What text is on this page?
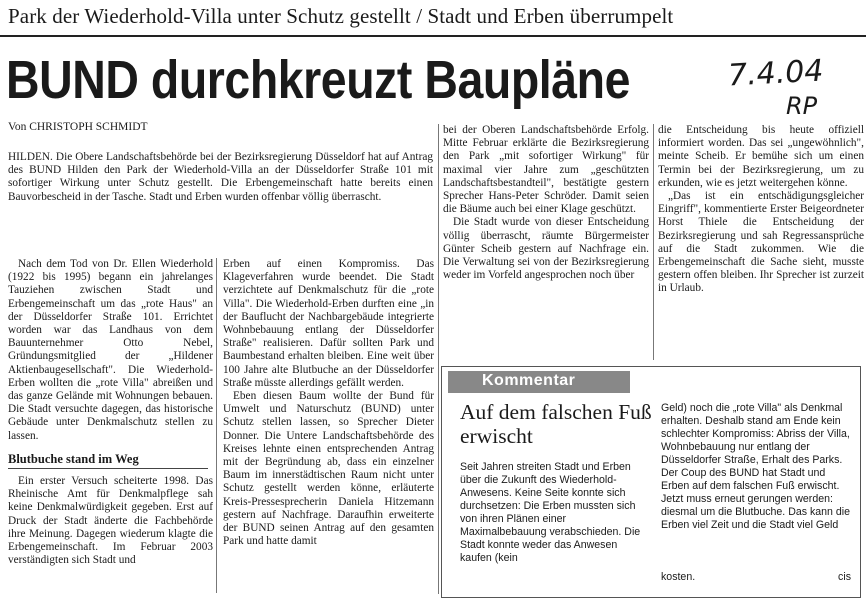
Park der Wiederhold-Villa unter Schutz gestellt / Stadt und Erben überrumpelt
BUND durchkreuzt Baupläne	7.4.04
RP
Von CHRISTOPH SCHMIDT

HILDEN. Die Obere Landschaftsbehörde bei der Bezirksregierung Düsseldorf hat auf Antrag des BUND Hilden den Park der Wiederhold-Villa an der Düsseldorfer Straße 101 mit sofortiger Wirkung unter Schutz gestellt. Die Erbengemeinschaft hatte bereits einen Bauvorbescheid in der Tasche. Stadt und Erben wurden offenbar völlig überrascht.

Nach dem Tod von Dr. Ellen Wiederhold (1922 bis 1995) begann ein jahrelanges Tauziehen zwischen Stadt und Erbengemeinschaft um das „rote Haus" an der Düsseldorfer Straße 101. Errichtet worden war das Landhaus von dem Bauunternehmer Otto Nebel, Gründungsmitglied der „Hildener Aktienbaugesellschaft". Die Wiederhold-Erben wollten die „rote Villa" abreißen und das ganze Gelände mit Wohnungen bebauen. Die Stadt versuchte dagegen, das historische Gebäude unter Denkmalschutz stellen zu lassen.

Blutbuche stand im Weg

Ein erster Versuch scheiterte 1998. Das Rheinische Amt für Denkmalpflege sah keine Denkmalwürdigkeit gegeben. Erst auf Druck der Stadt änderte die Fachbehörde ihre Meinung. Dagegen wiederum klagte die Erbengemeinschaft. Im Februar 2003 verständigten sich Stadt und

Erben auf einen Kompromiss. Das Klageverfahren wurde beendet. Die Stadt verzichtete auf Denkmalschutz für die „rote Villa". Die Wiederhold-Erben durften eine „in der Bauflucht der Nachbargebäude integrierte Wohnbebauung entlang der Düsseldorfer Straße" realisieren. Dafür sollten Park und Baumbestand erhalten bleiben. Eine weit über 100 Jahre alte Blutbuche an der Düsseldorfer Straße müsste allerdings gefällt werden.

Eben diesen Baum wollte der Bund für Umwelt und Naturschutz (BUND) unter Schutz stellen lassen, so Sprecher Dieter Donner. Die Untere Landschaftsbehörde des Kreises lehnte einen entsprechenden Antrag mit der Begründung ab, dass ein einzelner Baum im innerstädtischen Raum nicht unter Schutz gestellt werden könne, erläuterte Kreis-Pressesprecherin Daniela Hitzemann gestern auf Nachfrage. Daraufhin erweiterte der BUND seinen Antrag auf den gesamten Park und hatte damit

bei der Oberen Landschaftsbehörde Erfolg. Mitte Februar erklärte die Bezirksregierung den Park „mit sofortiger Wirkung" für maximal vier Jahre zum „geschützten Landschaftsbestandteil", bestätigte gestern Sprecher Hans-Peter Schröder. Damit seien die Bäume auch bei einer Klage geschützt.

Die Stadt wurde von dieser Entscheidung völlig überrascht, räumte Bürgermeister Günter Scheib gestern auf Nachfrage ein. Die Verwaltung sei von der Bezirksregierung weder im Vorfeld angesprochen noch über

die Entscheidung bis heute offiziell informiert worden. Das sei „ungewöhnlich", meinte Scheib. Er bemühe sich um einen Termin bei der Bezirksregierung, um zu erkunden, wie es jetzt weitergehen könne.

„Das ist ein entschädigungsgleicher Eingriff", kommentierte Erster Beigeordneter Horst Thiele die Entscheidung der Bezirksregierung und sah Regressansprüche auf die Stadt zukommen. Wie die Erbengemeinschaft die Sache sieht, musste gestern offen bleiben. Ihr Sprecher ist zurzeit in Urlaub.

Kommentar
Auf dem falschen Fuß erwischt
Seit Jahren streiten Stadt und Erben über die Zukunft des Wiederhold-Anwesens. Keine Seite konnte sich durchsetzen: Die Erben mussten sich von ihren Plänen einer Maximalbebauung verabschieden. Die Stadt konnte weder das Anwesen kaufen (kein
Geld) noch die „rote Villa" als Denkmal erhalten. Deshalb stand am Ende kein schlechter Kompromiss: Abriss der Villa, Wohnbebauung nur entlang der Düsseldorfer Straße, Erhalt des Parks. Der Coup des BUND hat Stadt und Erben auf dem falschen Fuß erwischt. Jetzt muss erneut gerungen werden: diesmal um die Blutbuche. Das kann die Erben viel Zeit und die Stadt viel Geld
kosten.	cis
